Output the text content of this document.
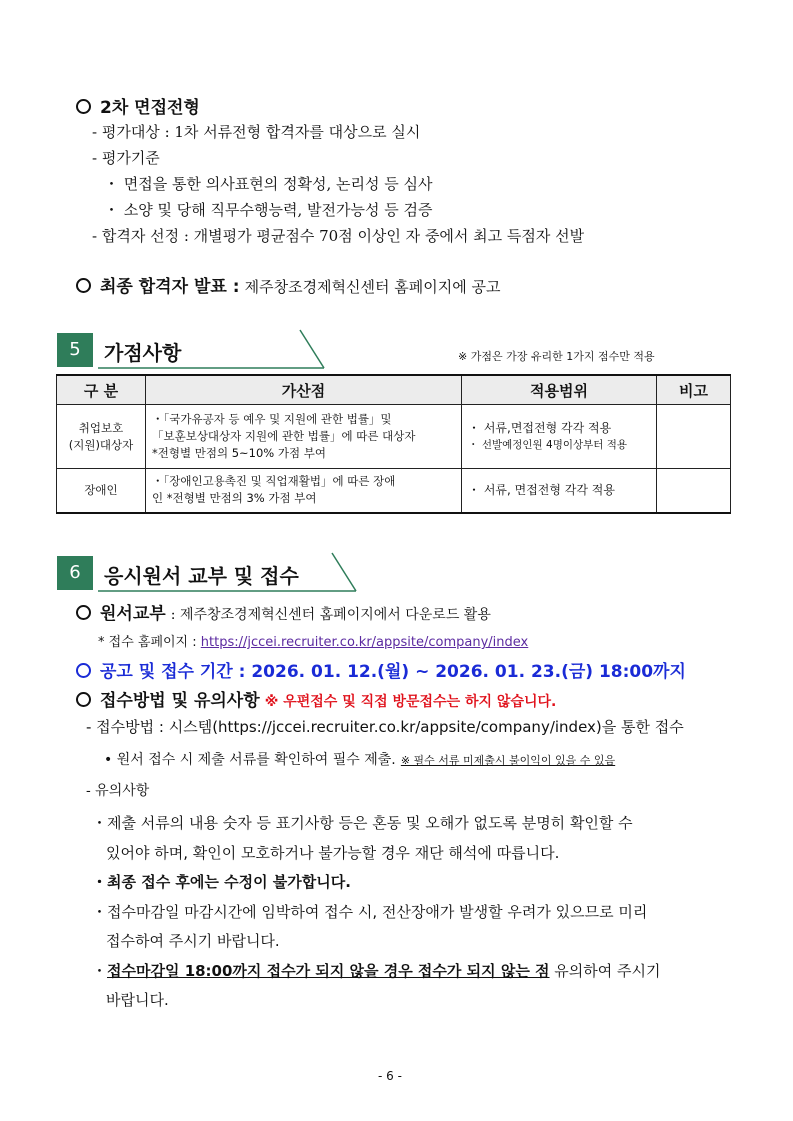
2차 면접전형
- 평가대상 : 1차 서류전형 합격자를 대상으로 실시
- 평가기준
・ 면접을 통한 의사표현의 정확성, 논리성 등 심사
・ 소양 및 당해 직무수행능력, 발전가능성 등 검증
- 합격자 선정 : 개별평가 평균점수 70점 이상인 자 중에서 최고 득점자 선발
최종 합격자 발표 : 제주창조경제혁신센터 홈페이지에 공고
5	가점사항	※ 가점은 가장 유리한 1가지 점수만 적용
구 분	가산점	적용범위	비고

취업보호
(지원)대상자	・「국가유공자 등 예우 및 지원에 관한 법률」및
「보훈보상대상자 지원에 관한 법률」에 따른 대상자
*전형별 만점의 5~10% 가점 부여	・ 서류,면접전형 각각 적용
・ 선발예정인원 4명이상부터 적용	

장애인	・「장애인고용촉진 및 직업재활법」에 따른 장애
인 *전형별 만점의 3% 가점 부여	・ 서류, 면접전형 각각 적용	

6	응시원서 교부 및 접수
원서교부 : 제주창조경제혁신센터 홈페이지에서 다운로드 활용
* 접수 홈페이지 : https://jccei.recruiter.co.kr/appsite/company/index
공고 및 접수 기간 : 2026. 01. 12.(월) ~ 2026. 01. 23.(금) 18:00까지
접수방법 및 유의사항 ※ 우편접수 및 직접 방문접수는 하지 않습니다.
- 접수방법 : 시스템(https://jccei.recruiter.co.kr/appsite/company/index)을 통한 접수
• 원서 접수 시 제출 서류를 확인하여 필수 제출. ※ 필수 서류 미제출시 불이익이 있을 수 있음
- 유의사항
・제출 서류의 내용 숫자 등 표기사항 등은 혼동 및 오해가 없도록 분명히 확인할 수
있어야 하며, 확인이 모호하거나 불가능할 경우 재단 해석에 따릅니다.
・최종 접수 후에는 수정이 불가합니다.
・접수마감일 마감시간에 임박하여 접수 시, 전산장애가 발생할 우려가 있으므로 미리
접수하여 주시기 바랍니다.
・접수마감일 18:00까지 접수가 되지 않을 경우 접수가 되지 않는 점 유의하여 주시기
바랍니다.
- 6 -
